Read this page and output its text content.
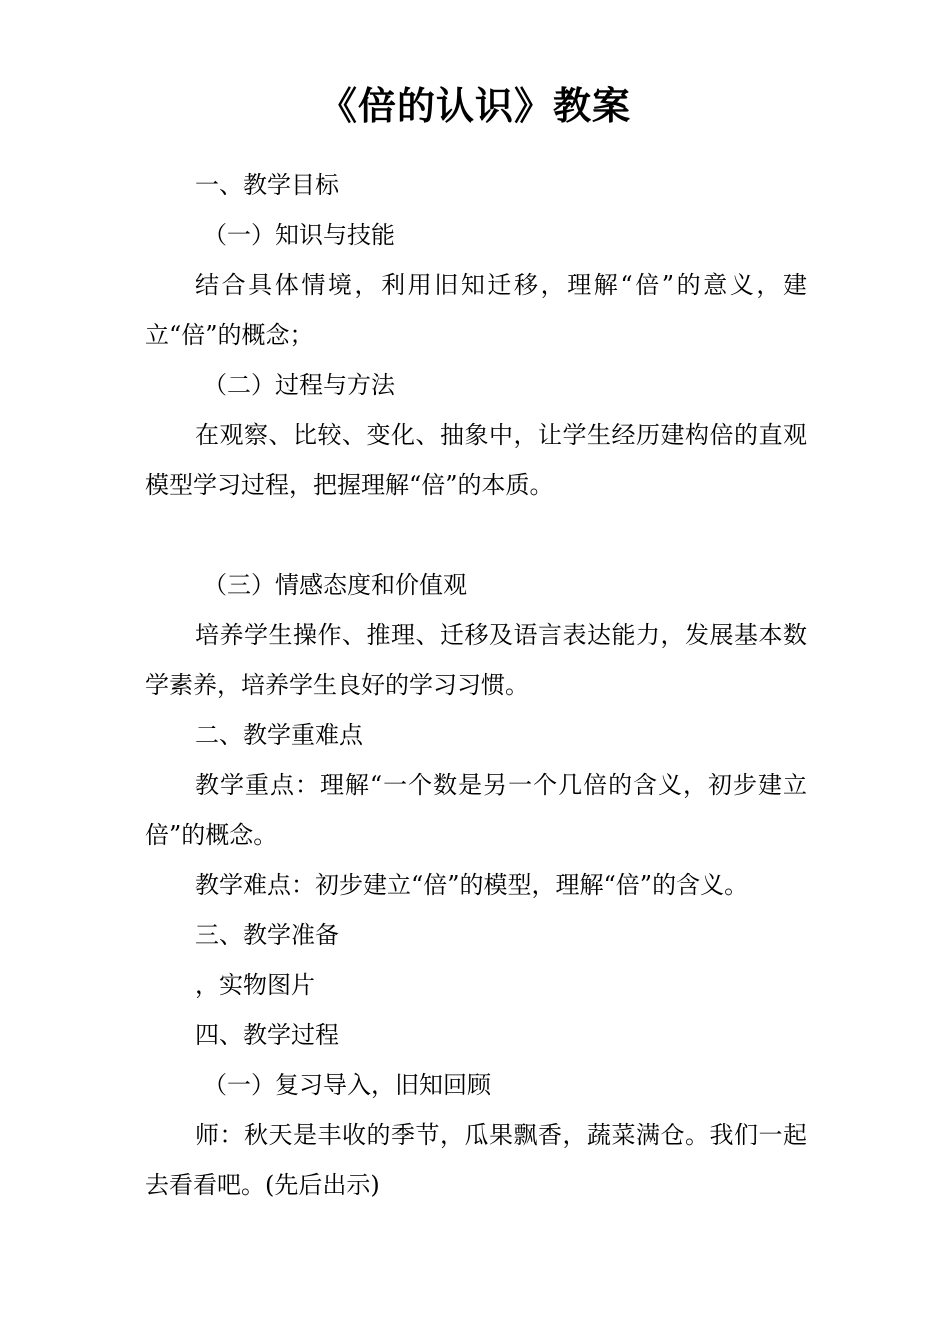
《倍的认识》教案

一、教学目标

（一）知识与技能

结合具体情境，利用旧知迁移，理解“倍”的意义，建立“倍”的概念；

（二）过程与方法

在观察、比较、变化、抽象中，让学生经历建构倍的直观模型学习过程，把握理解“倍”的本质。

（三）情感态度和价值观

培养学生操作、推理、迁移及语言表达能力，发展基本数学素养，培养学生良好的学习习惯。

二、教学重难点

教学重点：理解“一个数是另一个几倍的含义，初步建立倍”的概念。

教学难点：初步建立“倍”的模型，理解“倍”的含义。

三、教学准备

，实物图片

四、教学过程

（一）复习导入，旧知回顾

师：秋天是丰收的季节，瓜果飘香，蔬菜满仓。我们一起去看看吧。(先后出示)
